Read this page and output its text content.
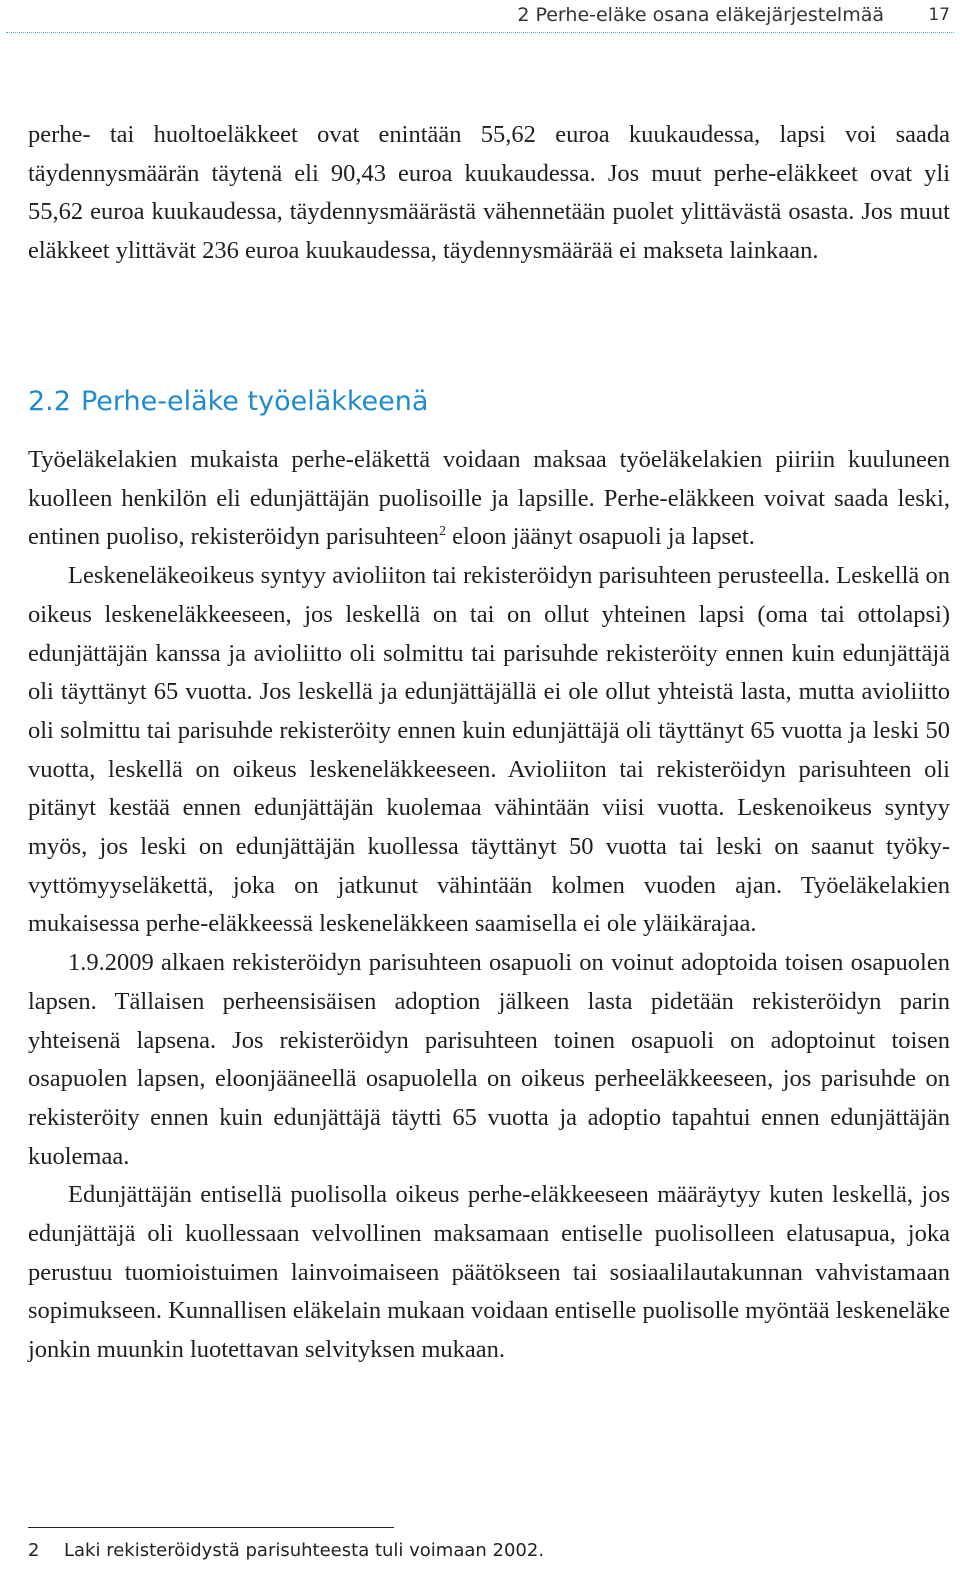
2 Perhe-eläke osana eläkejärjestelmää	17

perhe- tai huoltoeläkkeet ovat enintään 55,62 euroa kuukaudessa, lapsi voi saada täydennysmäärän täytenä eli 90,43 euroa kuukaudessa. Jos muut perhe-eläkkeet ovat yli 55,62 euroa kuukaudessa, täydennysmäärästä vähennetään puolet ylittävästä osasta. Jos muut eläkkeet ylittävät 236 euroa kuukaudessa, täydennysmäärää ei makseta lainkaan.

2.2 Perhe-eläke työeläkkeenä

Työeläkelakien mukaista perhe-eläkettä voidaan maksaa työeläkelakien piiriin kuuluneen kuolleen henkilön eli edunjättäjän puolisoille ja lapsille. Perhe-eläkkeen voivat saada leski, entinen puoliso, rekisteröidyn parisuhteen$^2$ eloon jäänyt osapuoli ja lapset.

Leskeneläkeoikeus syntyy avioliiton tai rekisteröidyn parisuhteen perusteella. Leskellä on oikeus leskeneläkkeeseen, jos leskellä on tai on ollut yhteinen lapsi (oma tai ottolapsi) edunjättäjän kanssa ja avioliitto oli solmittu tai parisuhde rekisteröity ennen kuin edunjättäjä oli täyttänyt 65 vuotta. Jos leskellä ja edunjättäjällä ei ole ollut yhteistä lasta, mutta avioliitto oli solmittu tai parisuhde rekisteröity ennen kuin edunjättäjä oli täyttänyt 65 vuotta ja leski 50 vuotta, leskellä on oikeus leskeneläkkeeseen. Avioliiton tai rekisteröidyn parisuhteen oli pitänyt kestää ennen edunjättäjän kuolemaa vähintään viisi vuotta. Leskenoikeus syntyy myös, jos leski on edunjättäjän kuollessa täyttänyt 50 vuotta tai leski on saanut työkyvyttömyyseläkettä, joka on jatkunut vähintään kolmen vuoden ajan. Työeläkelakien mukaisessa perhe-eläkkeessä leskeneläkkeen saamisella ei ole yläikärajaa.

1.9.2009 alkaen rekisteröidyn parisuhteen osapuoli on voinut adoptoida toisen osapuolen lapsen. Tällaisen perheensisäisen adoption jälkeen lasta pidetään rekisteröidyn parin yhteisenä lapsena. Jos rekisteröidyn parisuhteen toinen osapuoli on adoptoinut toisen osapuolen lapsen, eloonjääneellä osapuolella on oikeus perheeläkkeeseen, jos parisuhde on rekisteröity ennen kuin edunjättäjä täytti 65 vuotta ja adoptio tapahtui ennen edunjättäjän kuolemaa.

Edunjättäjän entisellä puolisolla oikeus perhe-eläkkeeseen määräytyy kuten leskellä, jos edunjättäjä oli kuollessaan velvollinen maksamaan entiselle puolisolleen elatusapua, joka perustuu tuomioistuimen lainvoimaiseen päätökseen tai sosiaalilautakunnan vahvistamaan sopimukseen. Kunnallisen eläkelain mukaan voidaan entiselle puolisolle myöntää leskeneläke jonkin muunkin luotettavan selvityksen mukaan.

2 Laki rekisteröidystä parisuhteesta tuli voimaan 2002.
